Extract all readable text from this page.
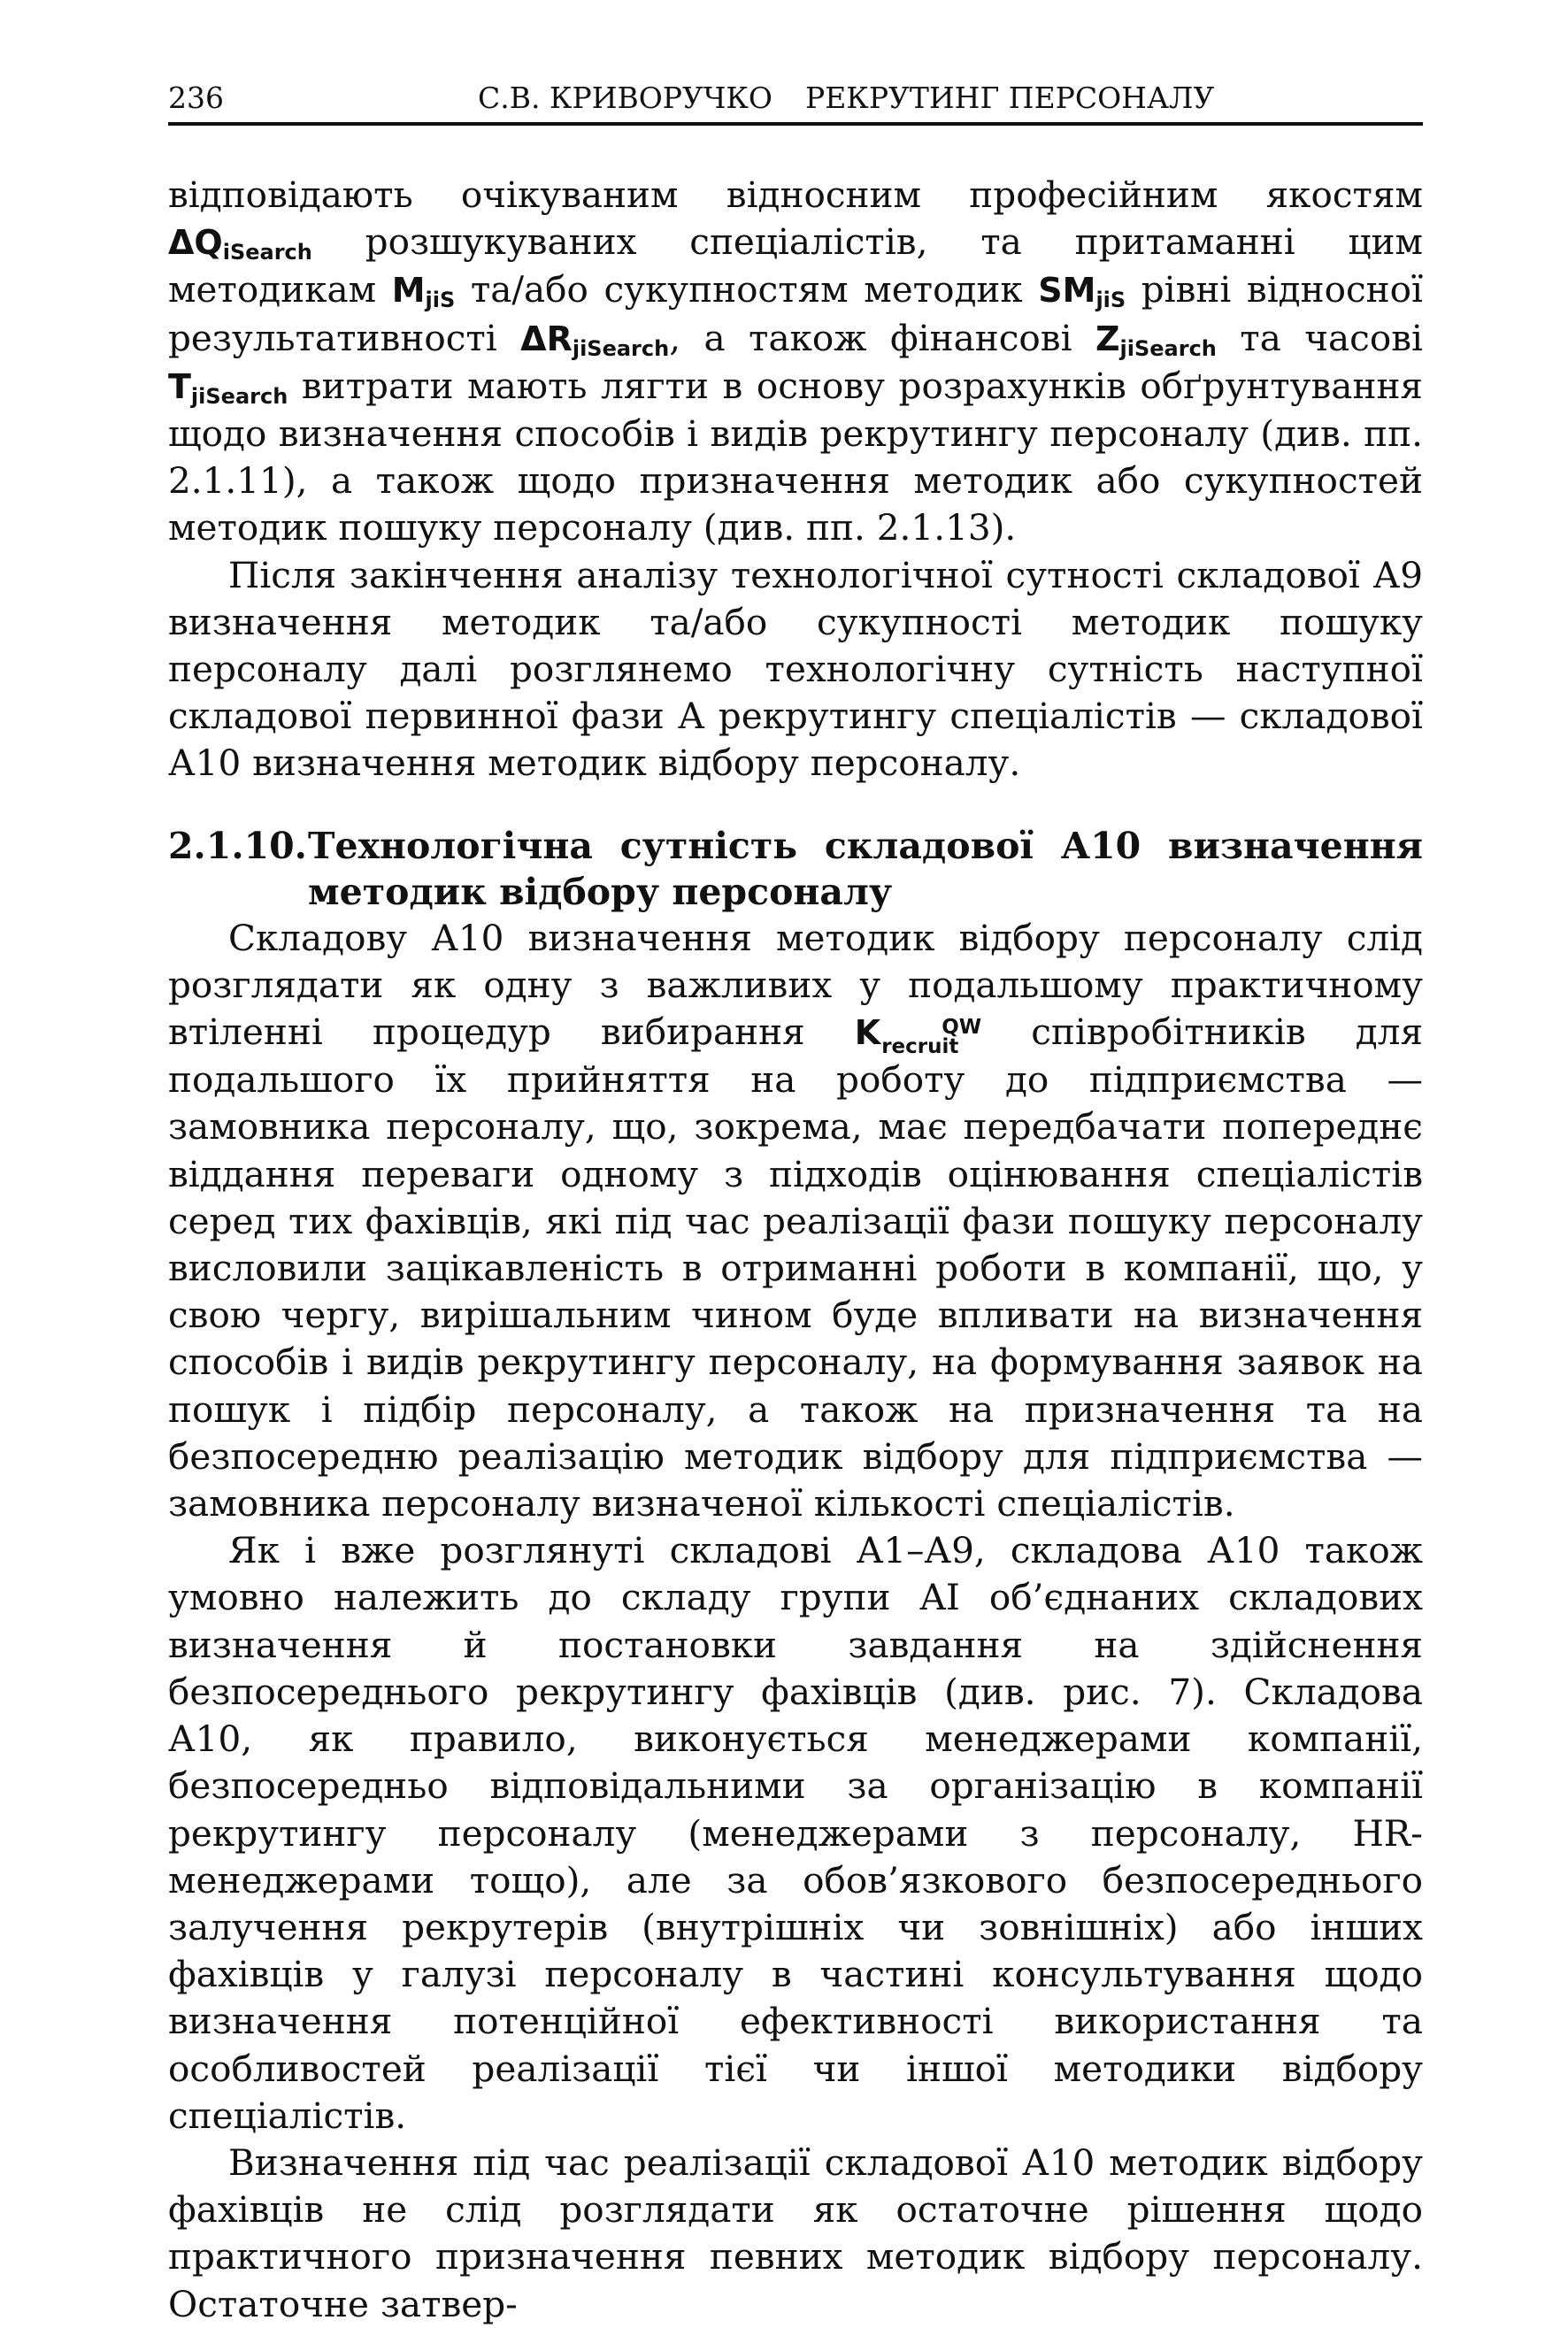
236	С.В. КРИВОРУЧКО РЕКРУТИНГ ПЕРСОНАЛУ

відповідають очікуваним відносним професійним якостям $\Delta Q_{iSearch}$ розшукуваних спеціалістів, та притаманні цим методикам $M_{jiS}$ та/або сукупностям методик $SM_{jiS}$ рівні відносної результативності $\Delta R_{jiSearch}$, а також фінансові $Z_{jiSearch}$ та часові $T_{jiSearch}$ витрати мають лягти в основу розрахунків обґрунтування щодо визначення способів і видів рекрутингу персоналу (див. пп. 2.1.11), а також щодо призначення методик або сукупностей методик пошуку персоналу (див. пп. 2.1.13).

Після закінчення аналізу технологічної сутності складової А9 визначення методик та/або сукупності методик пошуку персоналу далі розглянемо технологічну сутність наступної складової первинної фази А рекрутингу спеціалістів — складової А10 визначення методик відбору персоналу.

2.1.10. Технологічна сутність складової А10 визначення методик відбору персоналу

Складову А10 визначення методик відбору персоналу слід розглядати як одну з важливих у подальшому практичному втіленні процедур вибирання K	QW
recruit співробітників для подальшого їх прийняття на роботу до підприємства — замовника персоналу, що, зокрема, має передбачати попереднє віддання переваги одному з підходів оцінювання спеціалістів серед тих фахівців, які під час реалізації фази пошуку персоналу висловили зацікавленість в отриманні роботи в компанії, що, у свою чергу, вирішальним чином буде впливати на визначення способів і видів рекрутингу персоналу, на формування заявок на пошук і підбір персоналу, а також на призначення та на безпосередню реалізацію методик відбору для підприємства — замовника персоналу визначеної кількості спеціалістів.

Як і вже розглянуті складові А1–А9, складова А10 також умовно належить до складу групи AI об’єднаних складових визначення й постановки завдання на здійснення безпосереднього рекрутингу фахівців (див. рис. 7). Складова А10, як правило, виконується менеджерами компанії, безпосередньо відповідальними за організацію в компанії рекрутингу персоналу (менеджерами з персоналу, HR-менеджерами тощо), але за обов’язкового безпосереднього залучення рекрутерів (внутрішніх чи зовнішніх) або інших фахівців у галузі персоналу в частині консультування щодо визначення потенційної ефективності використання та особливостей реалізації тієї чи іншої методики відбору спеціалістів.

Визначення під час реалізації складової А10 методик відбору фахівців не слід розглядати як остаточне рішення щодо практичного призначення певних методик відбору персоналу. Остаточне затвер-
